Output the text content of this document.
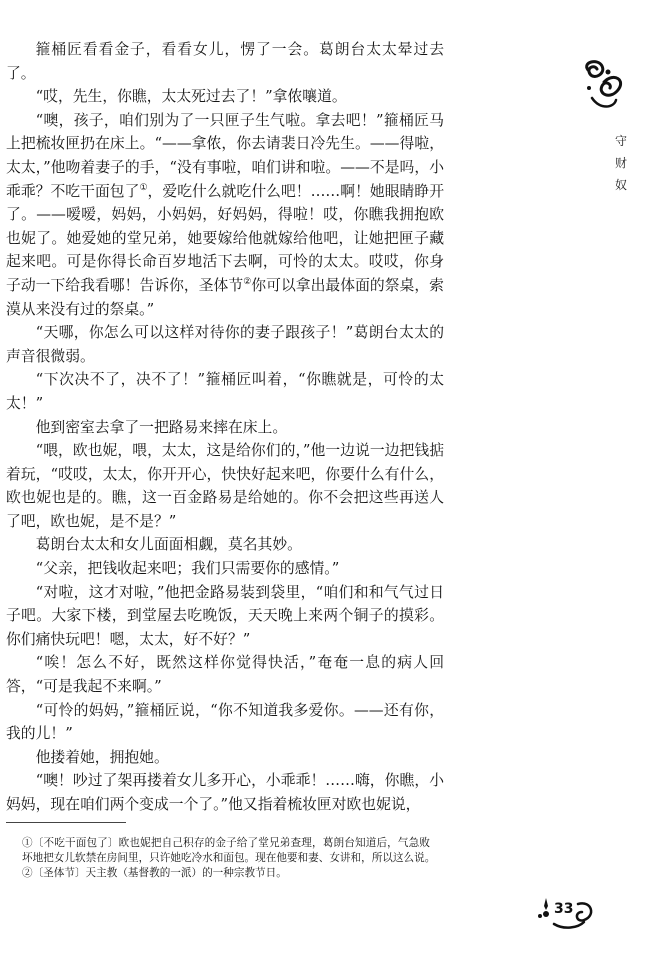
箍桶匠看看金子，看看女儿，愣了一会。葛朗台太太晕过去了。

“哎，先生，你瞧，太太死过去了！”拿侬嚷道。

“噢，孩子，咱们别为了一只匣子生气啦。拿去吧！”箍桶匠马上把梳妆匣扔在床上。“——拿侬，你去请裴日冷先生。——得啦，太太，”他吻着妻子的手，“没有事啦，咱们讲和啦。——不是吗，小乖乖？不吃干面包了①，爱吃什么就吃什么吧！……啊！她眼睛睁开了。——嗳嗳，妈妈，小妈妈，好妈妈，得啦！哎，你瞧我拥抱欧也妮了。她爱她的堂兄弟，她要嫁给他就嫁给他吧，让她把匣子藏起来吧。可是你得长命百岁地活下去啊，可怜的太太。哎哎，你身子动一下给我看哪！告诉你，圣体节②你可以拿出最体面的祭桌，索漠从来没有过的祭桌。”

“天哪，你怎么可以这样对待你的妻子跟孩子！”葛朗台太太的声音很微弱。

“下次决不了，决不了！”箍桶匠叫着，“你瞧就是，可怜的太太！”

他到密室去拿了一把路易来摔在床上。

“喂，欧也妮，喂，太太，这是给你们的，”他一边说一边把钱掂着玩，“哎哎，太太，你开开心，快快好起来吧，你要什么有什么，欧也妮也是的。瞧，这一百金路易是给她的。你不会把这些再送人了吧，欧也妮，是不是？”

葛朗台太太和女儿面面相觑，莫名其妙。

“父亲，把钱收起来吧；我们只需要你的感情。”

“对啦，这才对啦，”他把金路易装到袋里，“咱们和和气气过日子吧。大家下楼，到堂屋去吃晚饭，天天晚上来两个铜子的摸彩。你们痛快玩吧！嗯，太太，好不好？”

“唉！怎么不好，既然这样你觉得快活，”奄奄一息的病人回答，“可是我起不来啊。”

“可怜的妈妈，”箍桶匠说，“你不知道我多爱你。——还有你，我的儿！”

他搂着她，拥抱她。

“噢！吵过了架再搂着女儿多开心，小乖乖！……嗨，你瞧，小妈妈，现在咱们两个变成一个了。”他又指着梳妆匣对欧也妮说，

①〔不吃干面包了〕欧也妮把自己积存的金子给了堂兄弟查理，葛朗台知道后，气急败坏地把女儿软禁在房间里，只许她吃冷水和面包。现在他要和妻、女讲和，所以这么说。　②〔圣体节〕天主教（基督教的一派）的一种宗教节日。

守
财
奴
33
